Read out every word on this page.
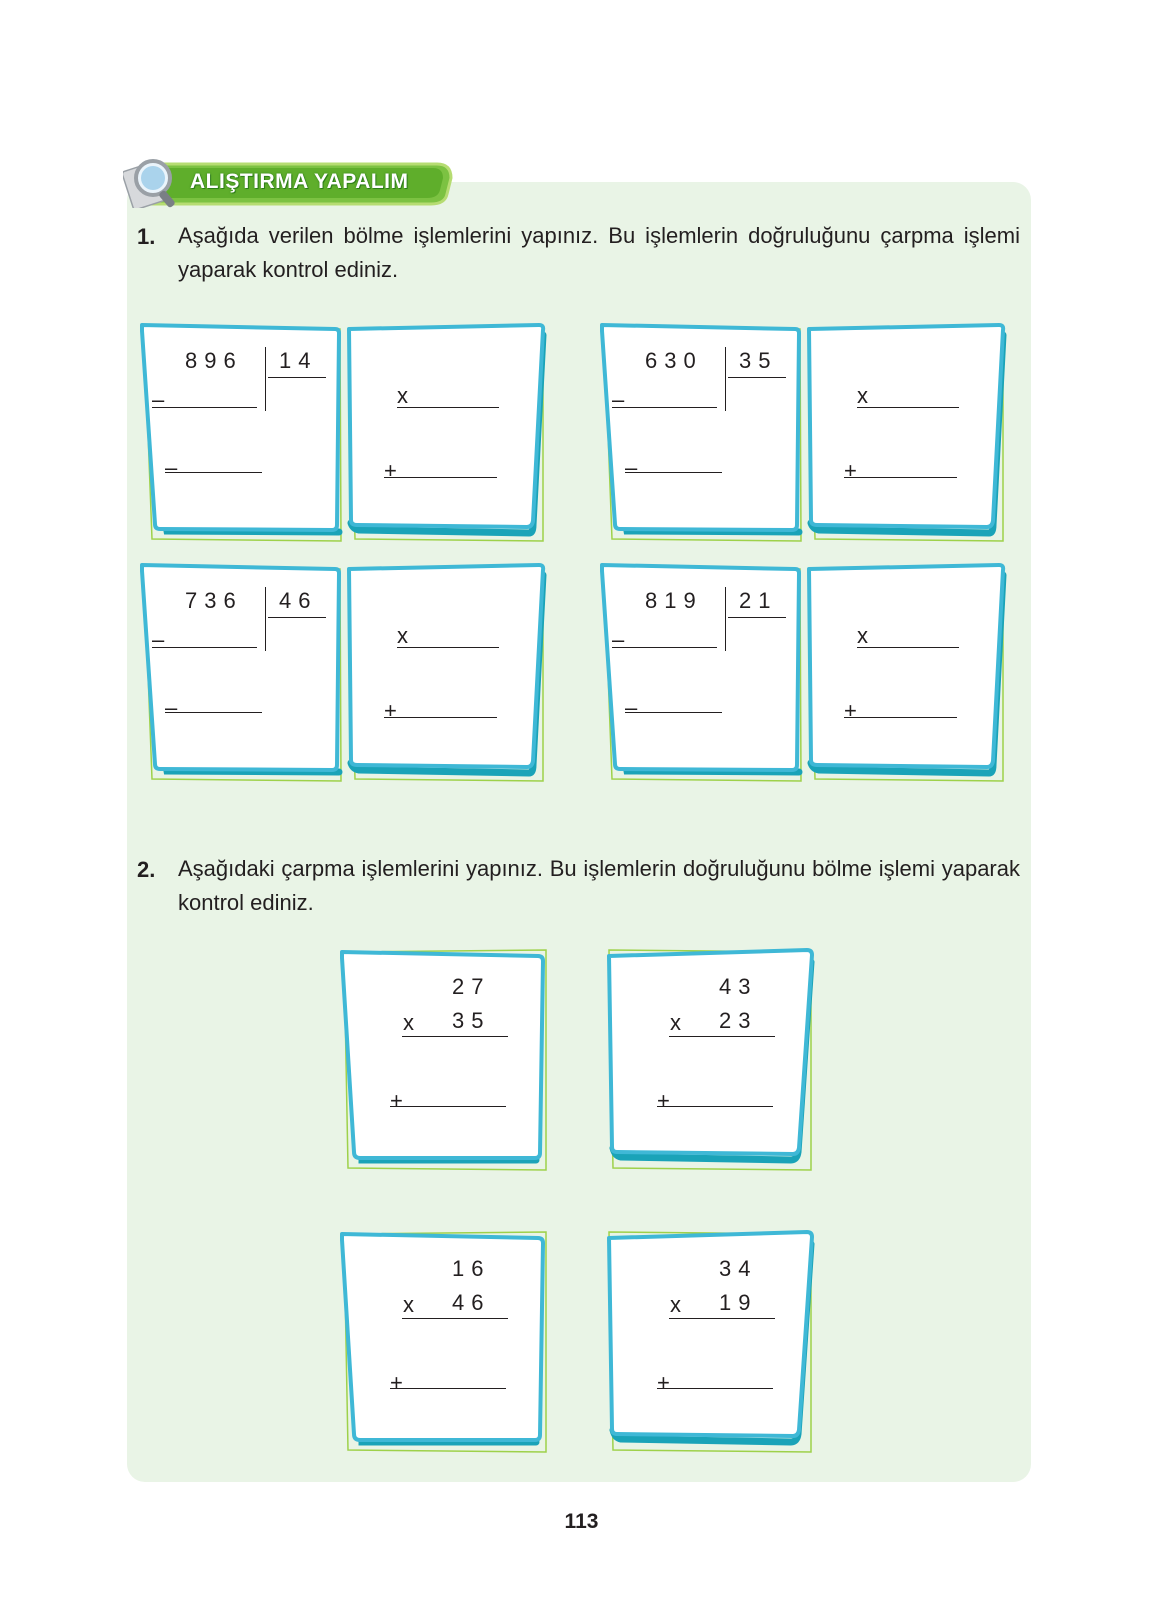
ALIŞTIRMA YAPALIM
1. Aşağıda verilen bölme işlemlerini yapınız. Bu işlemlerin doğruluğunu çarpma işlemi yaparak kontrol ediniz.
896 14
–
–
x
+
630 35
–
–
x
+
736 46
–
–
x
+
819 21
–
–
x
+
2. Aşağıdaki çarpma işlemlerini yapınız. Bu işlemlerin doğruluğunu bölme işlemi yaparak kontrol ediniz.
27
x 35
+
43
x 23
+
16
x 46
+
34
x 19
+
113
